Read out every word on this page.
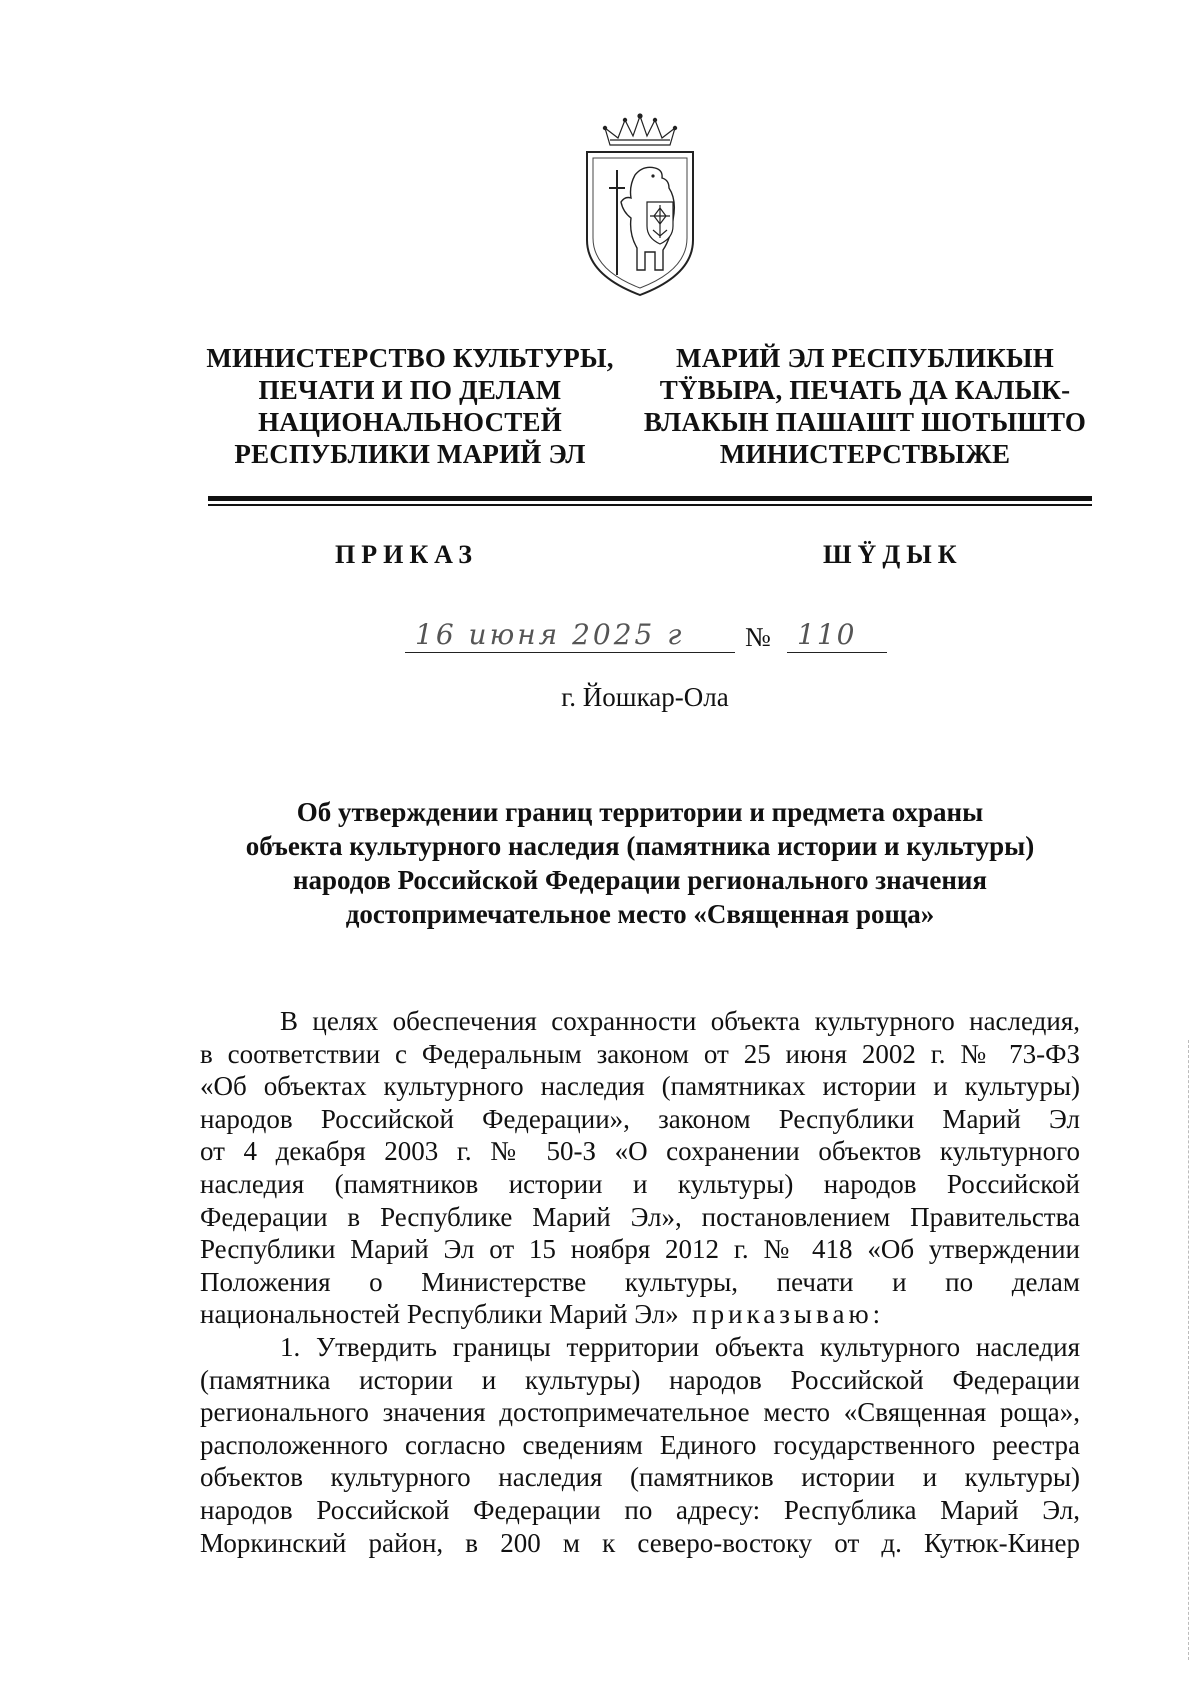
МИНИСТЕРСТВО КУЛЬТУРЫ,
ПЕЧАТИ И ПО ДЕЛАМ
НАЦИОНАЛЬНОСТЕЙ
РЕСПУБЛИКИ МАРИЙ ЭЛ
МАРИЙ ЭЛ РЕСПУБЛИКЫН
ТŸВЫРА, ПЕЧАТЬ ДА КАЛЫК-
ВЛАКЫН ПАШАШТ ШОТЫШТО
МИНИСТЕРСТВЫЖЕ
ПРИКАЗ	ШŸДЫК
16 июня 2025 г № 110
г. Йошкар-Ола
Об утверждении границ территории и предмета охраны
объекта культурного наследия (памятника истории и культуры)
народов Российской Федерации регионального значения
достопримечательное место «Священная роща»
В целях обеспечения сохранности объекта культурного наследия,
в соответствии с Федеральным законом от 25 июня 2002 г. № 73-ФЗ
«Об объектах культурного наследия (памятниках истории и культуры)
народов Российской Федерации», законом Республики Марий Эл
от 4 декабря 2003 г. № 50-З «О сохранении объектов культурного
наследия (памятников истории и культуры) народов Российской
Федерации в Республике Марий Эл», постановлением Правительства
Республики Марий Эл от 15 ноября 2012 г. № 418 «Об утверждении
Положения о Министерстве культуры, печати и по делам
национальностей Республики Марий Эл» приказываю:
1. Утвердить границы территории объекта культурного наследия
(памятника истории и культуры) народов Российской Федерации
регионального значения достопримечательное место «Священная роща»,
расположенного согласно сведениям Единого государственного реестра
объектов культурного наследия (памятников истории и культуры)
народов Российской Федерации по адресу: Республика Марий Эл,
Моркинский район, в 200 м к северо-востоку от д. Кутюк-Кинер
